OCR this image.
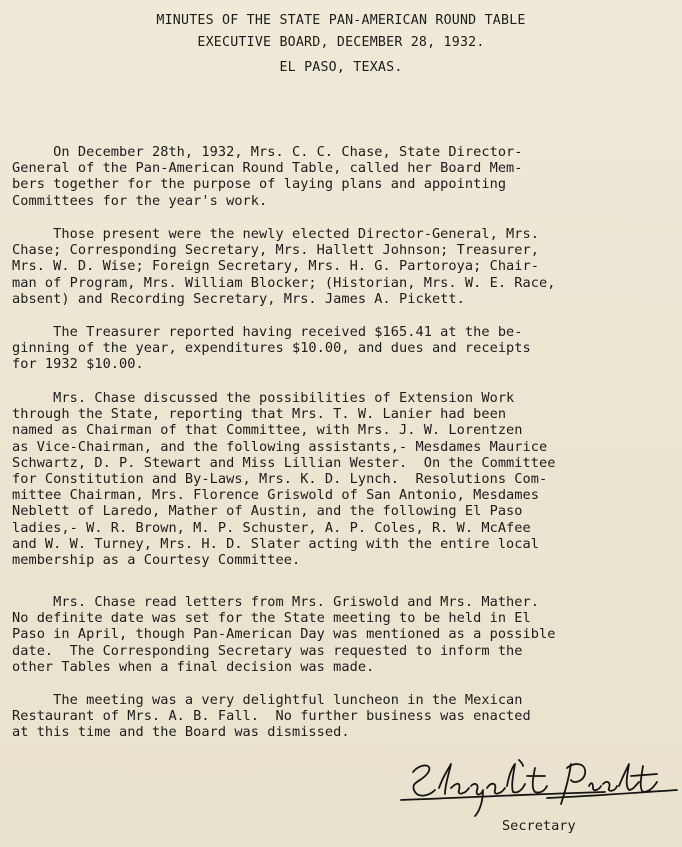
MINUTES OF THE STATE PAN-AMERICAN ROUND TABLE
EXECUTIVE BOARD, DECEMBER 28, 1932.
EL PASO, TEXAS.
On December 28th, 1932, Mrs. C. C. Chase, State Director-
General of the Pan-American Round Table, called her Board Mem-
bers together for the purpose of laying plans and appointing
Committees for the year's work.
Those present were the newly elected Director-General, Mrs.
Chase; Corresponding Secretary, Mrs. Hallett Johnson; Treasurer,
Mrs. W. D. Wise; Foreign Secretary, Mrs. H. G. Partoroya; Chair-
man of Program, Mrs. William Blocker; (Historian, Mrs. W. E. Race,
absent) and Recording Secretary, Mrs. James A. Pickett.
The Treasurer reported having received $165.41 at the be-
ginning of the year, expenditures $10.00, and dues and receipts
for 1932 $10.00.
Mrs. Chase discussed the possibilities of Extension Work
through the State, reporting that Mrs. T. W. Lanier had been
named as Chairman of that Committee, with Mrs. J. W. Lorentzen
as Vice-Chairman, and the following assistants,- Mesdames Maurice
Schwartz, D. P. Stewart and Miss Lillian Wester.  On the Committee
for Constitution and By-Laws, Mrs. K. D. Lynch.  Resolutions Com-
mittee Chairman, Mrs. Florence Griswold of San Antonio, Mesdames
Neblett of Laredo, Mather of Austin, and the following El Paso
ladies,- W. R. Brown, M. P. Schuster, A. P. Coles, R. W. McAfee
and W. W. Turney, Mrs. H. D. Slater acting with the entire local
membership as a Courtesy Committee.
Mrs. Chase read letters from Mrs. Griswold and Mrs. Mather.
No definite date was set for the State meeting to be held in El
Paso in April, though Pan-American Day was mentioned as a possible
date.  The Corresponding Secretary was requested to inform the
other Tables when a final decision was made.
The meeting was a very delightful luncheon in the Mexican
Restaurant of Mrs. A. B. Fall.  No further business was enacted
at this time and the Board was dismissed.
Secretary
